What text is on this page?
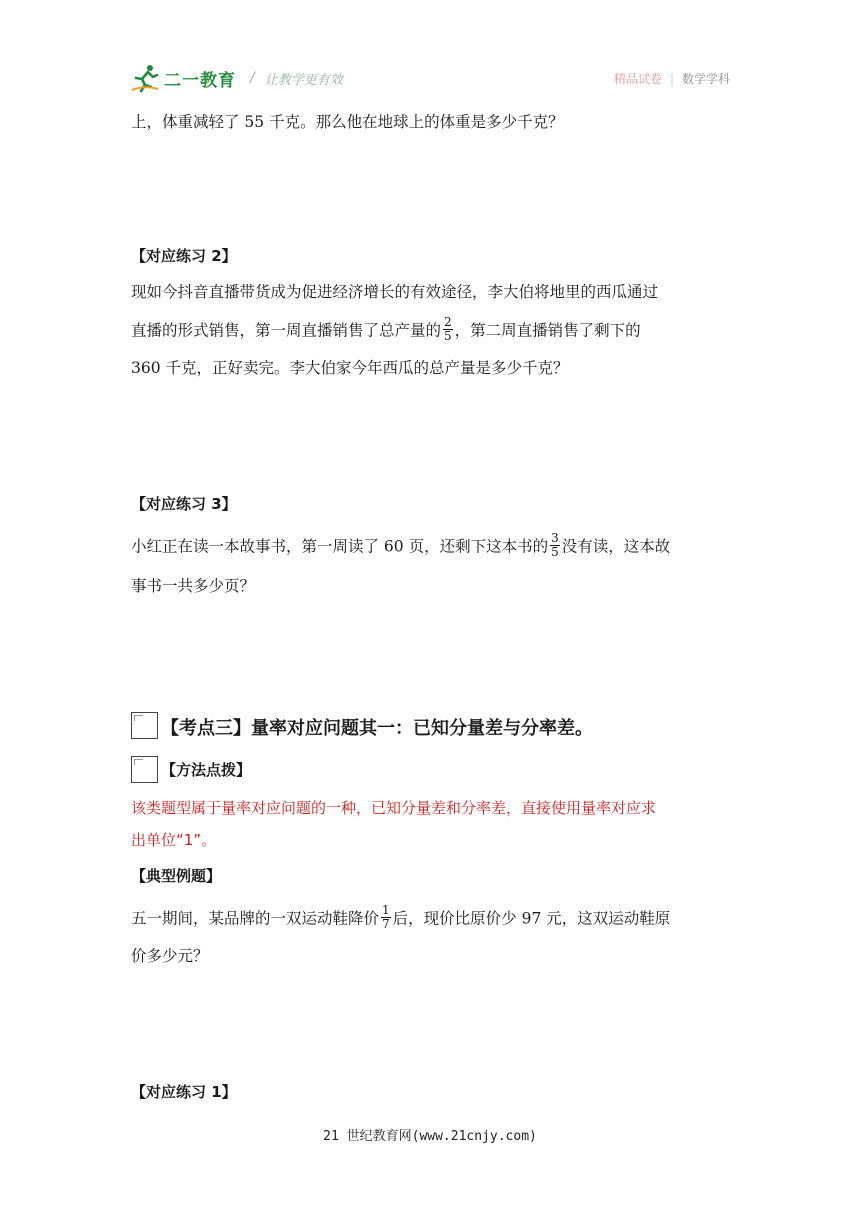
二一教育 / 让教学更有效	精品试卷 | 数学学科
上，体重减轻了 55 千克。那么他在地球上的体重是多少千克？
【对应练习 2】
现如今抖音直播带货成为促进经济增长的有效途径，李大伯将地里的西瓜通过
直播的形式销售，第一周直播销售了总产量的 $\frac{2}{5}$ ，第二周直播销售了剩下的
360 千克，正好卖完。李大伯家今年西瓜的总产量是多少千克？
【对应练习 3】
小红正在读一本故事书，第一周读了 60 页，还剩下这本书的 $\frac{3}{5}$ 没有读，这本故
事书一共多少页？
【考点三】量率对应问题其一：已知分量差与分率差。
【方法点拨】
该类题型属于量率对应问题的一种，已知分量差和分率差，直接使用量率对应求
出单位“1”。
【典型例题】
五一期间，某品牌的一双运动鞋降价 $\frac{1}{7}$ 后，现价比原价少 97 元，这双运动鞋原
价多少元？
【对应练习 1】
21 世纪教育网(www.21cnjy.com)
